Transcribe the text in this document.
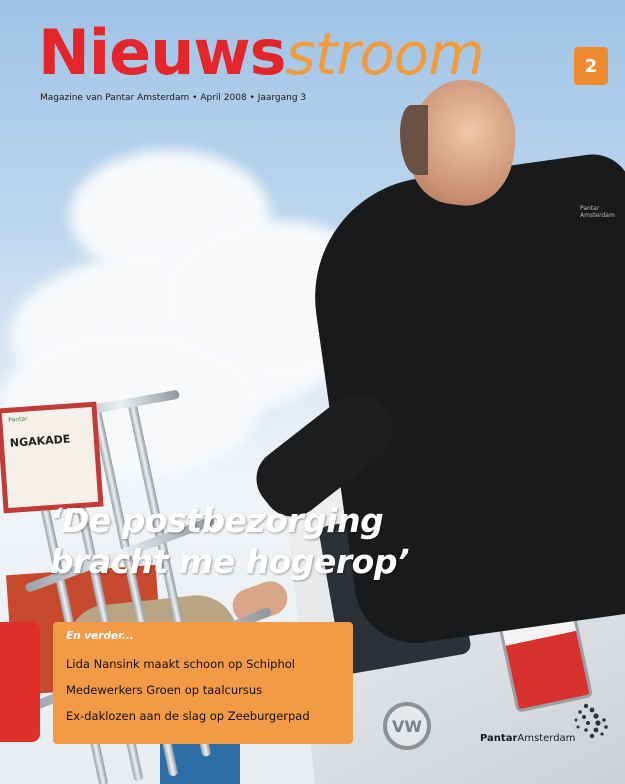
VW
Pantar Amsterdam
Pantar
NGAKADE
Nieuwsstroom
Magazine van Pantar Amsterdam • April 2008 • Jaargang 3
2
‘De postbezorging
bracht me hogerop’
En verder...
Lida Nansink maakt schoon op Schiphol
Medewerkers Groen op taalcursus
Ex-daklozen aan de slag op Zeeburgerpad
PantarAmsterdam
